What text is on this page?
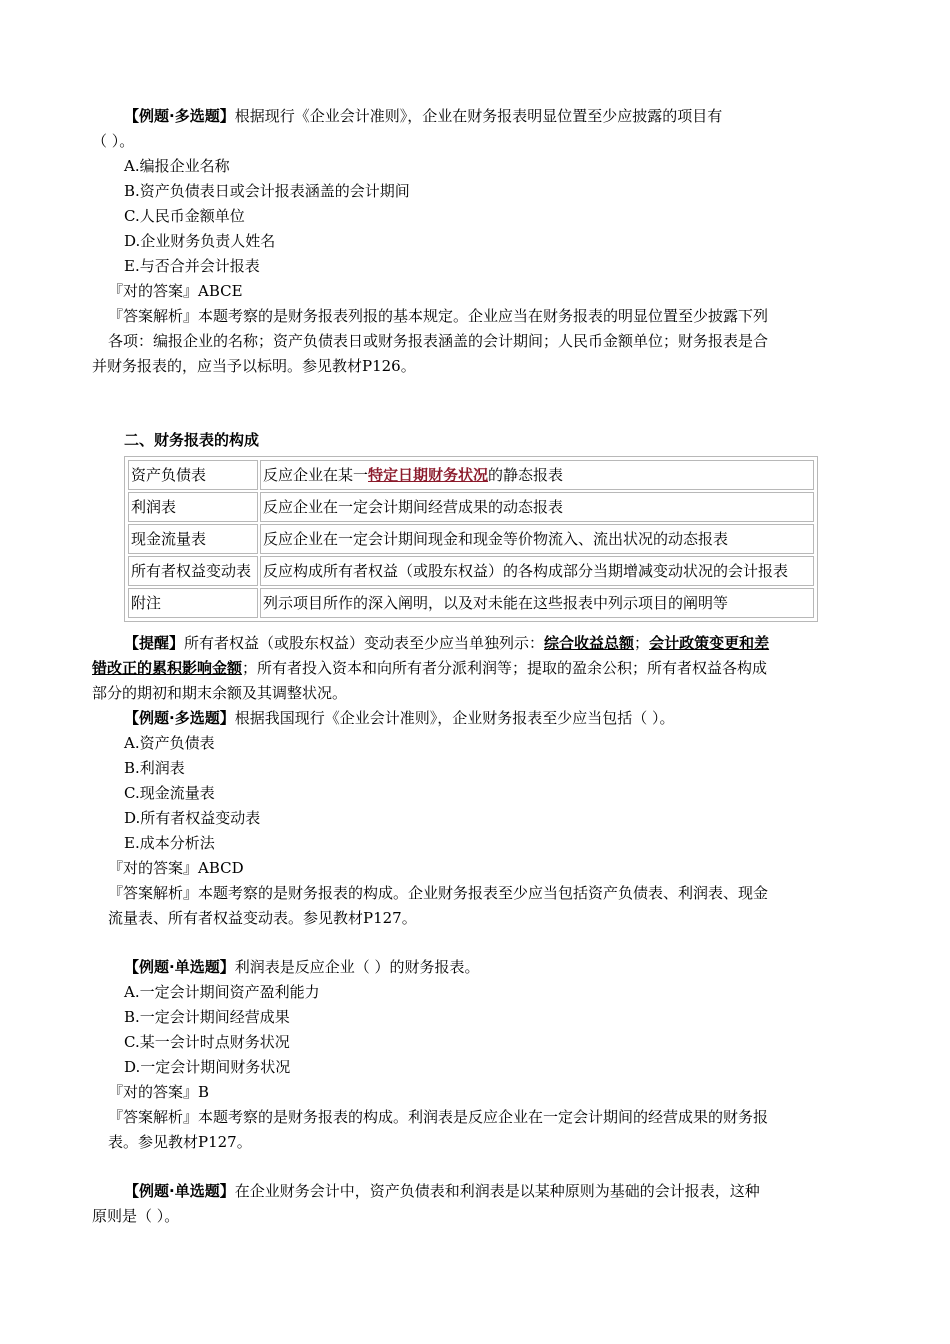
【例题·多选题】根据现行《企业会计准则》，企业在财务报表明显位置至少应披露的项目有
（ ）。
A.编报企业名称
B.资产负债表日或会计报表涵盖的会计期间
C.人民币金额单位
D.企业财务负责人姓名
E.与否合并会计报表
『对的答案』ABCE
『答案解析』本题考察的是财务报表列报的基本规定。企业应当在财务报表的明显位置至少披露下列
各项：编报企业的名称；资产负债表日或财务报表涵盖的会计期间；人民币金额单位；财务报表是合
并财务报表的，应当予以标明。参见教材P126。
二、财务报表的构成
资产负债表	反应企业在某一特定日期财务状况的静态报表
利润表	反应企业在一定会计期间经营成果的动态报表
现金流量表	反应企业在一定会计期间现金和现金等价物流入、流出状况的动态报表
所有者权益变动表	反应构成所有者权益（或股东权益）的各构成部分当期增减变动状况的会计报表
附注	列示项目所作的深入阐明，以及对未能在这些报表中列示项目的阐明等
【提醒】所有者权益（或股东权益）变动表至少应当单独列示：综合收益总额；会计政策变更和差
错改正的累积影响金额；所有者投入资本和向所有者分派利润等；提取的盈余公积；所有者权益各构成
部分的期初和期末余额及其调整状况。
【例题·多选题】根据我国现行《企业会计准则》，企业财务报表至少应当包括（ ）。
A.资产负债表
B.利润表
C.现金流量表
D.所有者权益变动表
E.成本分析法
『对的答案』ABCD
『答案解析』本题考察的是财务报表的构成。企业财务报表至少应当包括资产负债表、利润表、现金
流量表、所有者权益变动表。参见教材P127。
【例题·单选题】利润表是反应企业（ ）的财务报表。
A.一定会计期间资产盈利能力
B.一定会计期间经营成果
C.某一会计时点财务状况
D.一定会计期间财务状况
『对的答案』B
『答案解析』本题考察的是财务报表的构成。利润表是反应企业在一定会计期间的经营成果的财务报
表。参见教材P127。
【例题·单选题】在企业财务会计中，资产负债表和利润表是以某种原则为基础的会计报表，这种
原则是（ ）。
